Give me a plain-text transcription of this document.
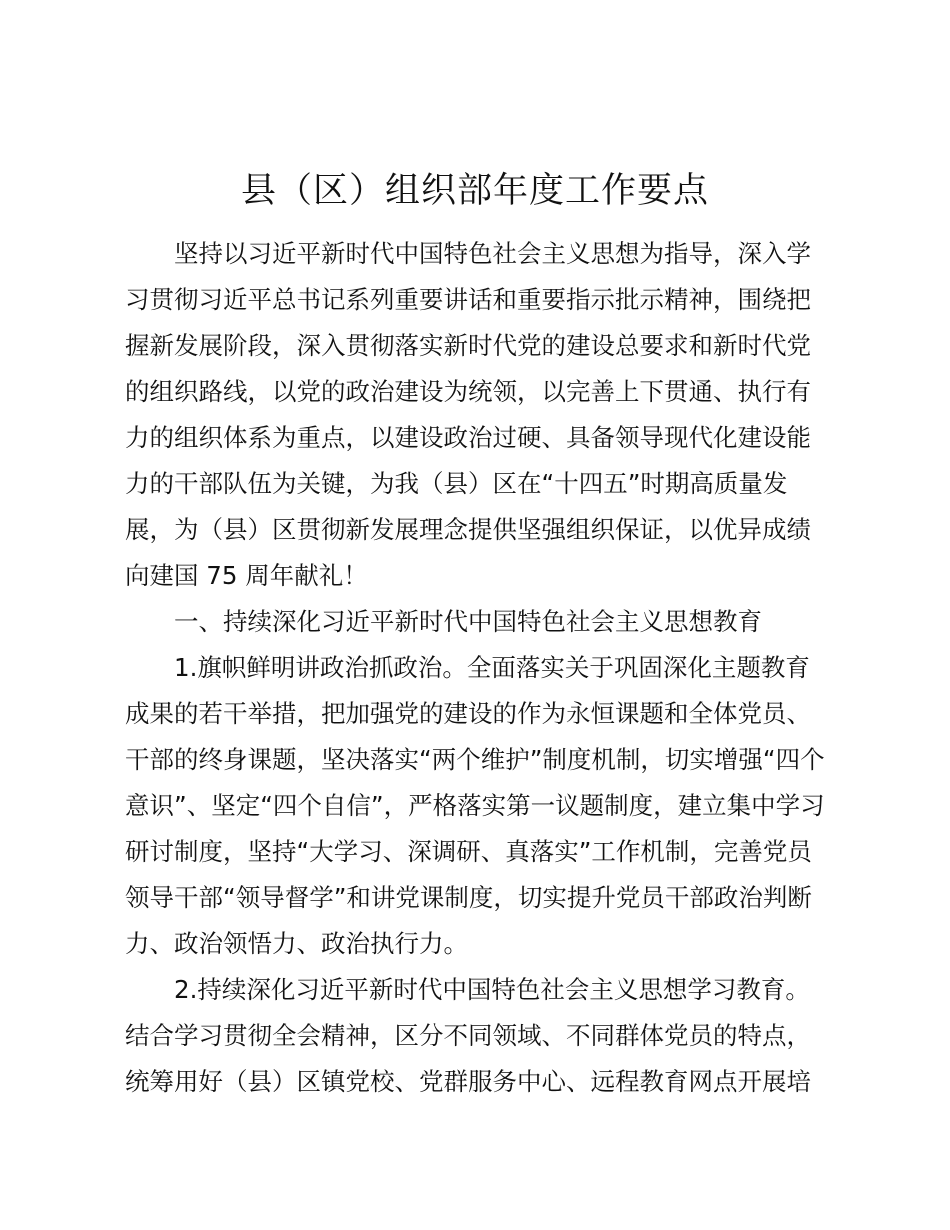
县（区）组织部年度工作要点
坚持以习近平新时代中国特色社会主义思想为指导，深入学
习贯彻习近平总书记系列重要讲话和重要指示批示精神，围绕把
握新发展阶段，深入贯彻落实新时代党的建设总要求和新时代党
的组织路线，以党的政治建设为统领，以完善上下贯通、执行有
力的组织体系为重点，以建设政治过硬、具备领导现代化建设能
力的干部队伍为关键，为我（县）区在“十四五”时期高质量发
展，为（县）区贯彻新发展理念提供坚强组织保证，以优异成绩
向建国 75 周年献礼！
一、持续深化习近平新时代中国特色社会主义思想教育
1.旗帜鲜明讲政治抓政治。全面落实关于巩固深化主题教育
成果的若干举措，把加强党的建设的作为永恒课题和全体党员、
干部的终身课题，坚决落实“两个维护”制度机制，切实增强“四个
意识”、坚定“四个自信”，严格落实第一议题制度，建立集中学习
研讨制度，坚持“大学习、深调研、真落实”工作机制，完善党员
领导干部“领导督学”和讲党课制度，切实提升党员干部政治判断
力、政治领悟力、政治执行力。
2.持续深化习近平新时代中国特色社会主义思想学习教育。
结合学习贯彻全会精神，区分不同领域、不同群体党员的特点，
统筹用好（县）区镇党校、党群服务中心、远程教育网点开展培
